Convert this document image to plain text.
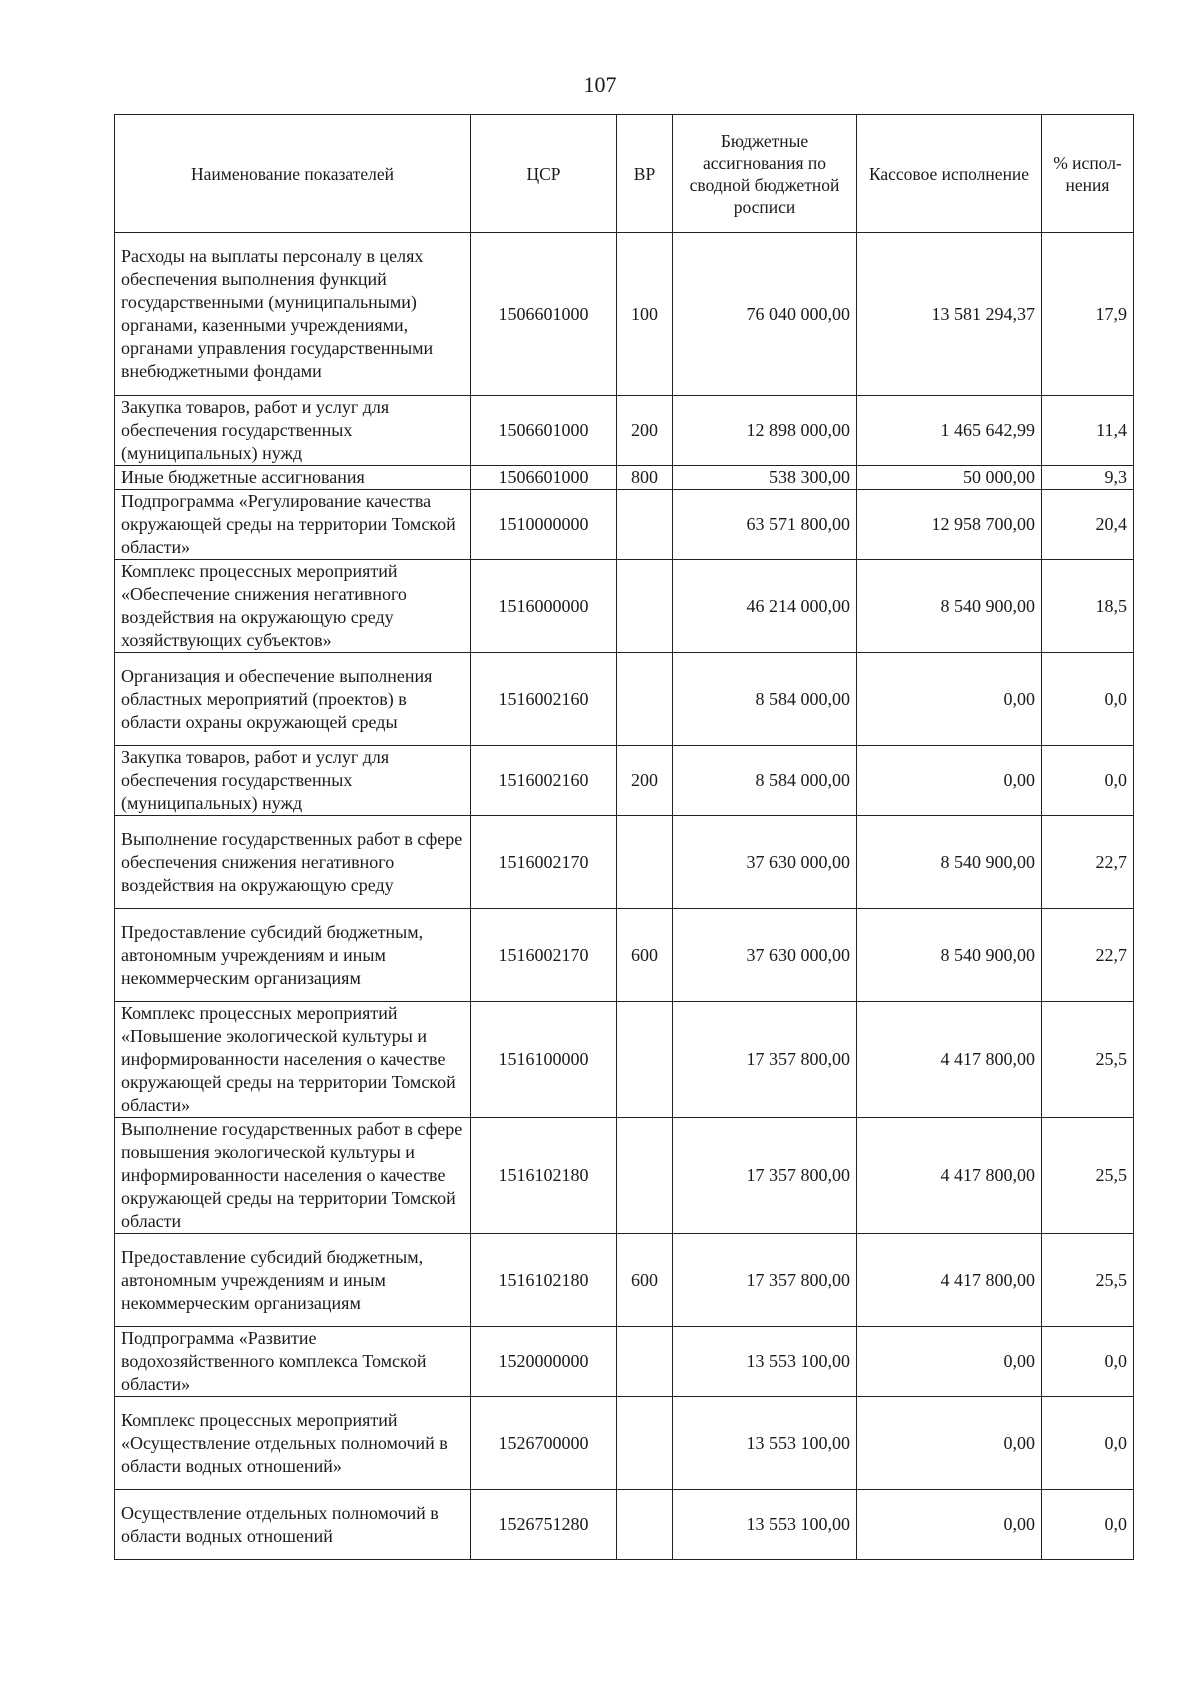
107
Наименование показателей	ЦСР	ВР	Бюджетные ассигнования по сводной бюджетной росписи	Кассовое исполнение	% испол-нения
Расходы на выплаты персоналу в целях обеспечения выполнения функций государственными (муниципальными) органами, казенными учреждениями, органами управления государственными внебюджетными фондами	1506601000	100	76 040 000,00	13 581 294,37	17,9
Закупка товаров, работ и услуг для обеспечения государственных (муниципальных) нужд	1506601000	200	12 898 000,00	1 465 642,99	11,4
Иные бюджетные ассигнования	1506601000	800	538 300,00	50 000,00	9,3
Подпрограмма «Регулирование качества окружающей среды на территории Томской области»	1510000000		63 571 800,00	12 958 700,00	20,4
Комплекс процессных мероприятий «Обеспечение снижения негативного воздействия на окружающую среду хозяйствующих субъектов»	1516000000		46 214 000,00	8 540 900,00	18,5
Организация и обеспечение выполнения областных мероприятий (проектов) в области охраны окружающей среды	1516002160		8 584 000,00	0,00	0,0
Закупка товаров, работ и услуг для обеспечения государственных (муниципальных) нужд	1516002160	200	8 584 000,00	0,00	0,0
Выполнение государственных работ в сфере обеспечения снижения негативного воздействия на окружающую среду	1516002170		37 630 000,00	8 540 900,00	22,7
Предоставление субсидий бюджетным, автономным учреждениям и иным некоммерческим организациям	1516002170	600	37 630 000,00	8 540 900,00	22,7
Комплекс процессных мероприятий «Повышение экологической культуры и информированности населения о качестве окружающей среды на территории Томской области»	1516100000		17 357 800,00	4 417 800,00	25,5
Выполнение государственных работ в сфере повышения экологической культуры и информированности населения о качестве окружающей среды на территории Томской области	1516102180		17 357 800,00	4 417 800,00	25,5
Предоставление субсидий бюджетным, автономным учреждениям и иным некоммерческим организациям	1516102180	600	17 357 800,00	4 417 800,00	25,5
Подпрограмма «Развитие водохозяйственного комплекса Томской области»	1520000000		13 553 100,00	0,00	0,0
Комплекс процессных мероприятий «Осуществление отдельных полномочий в области водных отношений»	1526700000		13 553 100,00	0,00	0,0
Осуществление отдельных полномочий в области водных отношений	1526751280		13 553 100,00	0,00	0,0
